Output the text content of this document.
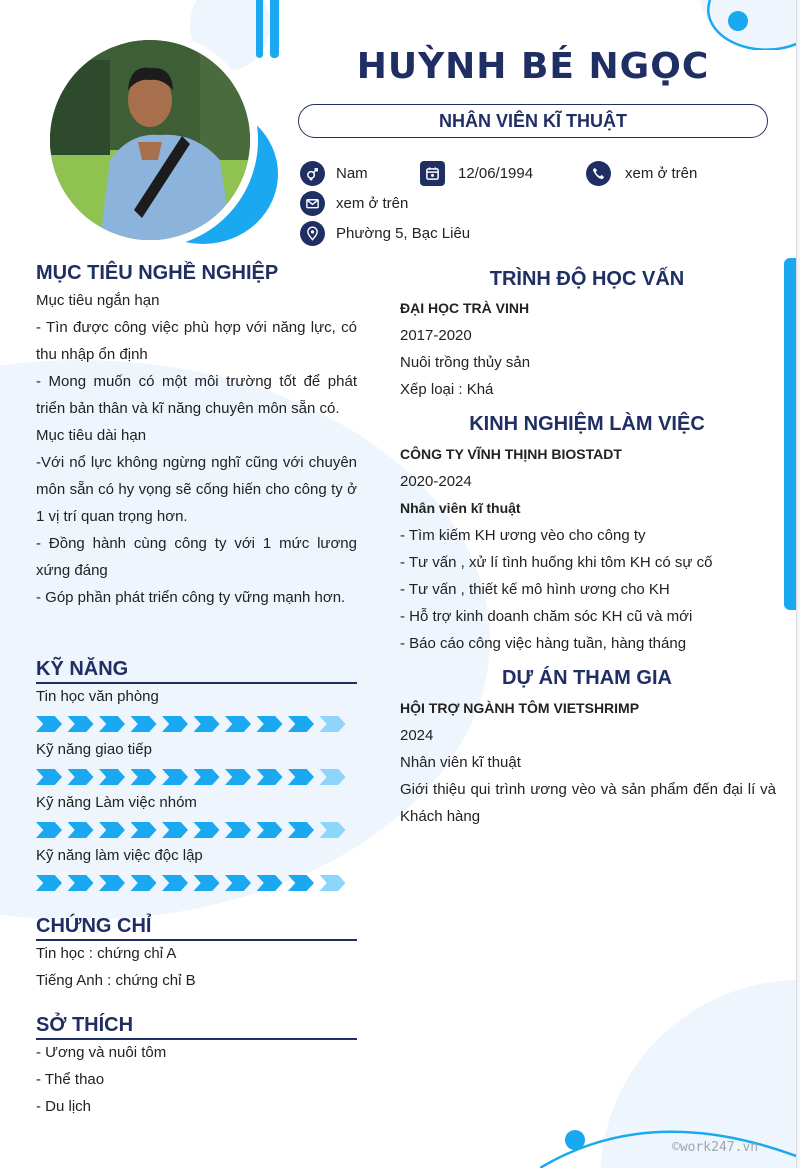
HUỲNH BÉ NGỌC
NHÂN VIÊN KĨ THUẬT
Nam	12/06/1994	xem ở trên
xem ở trên
Phường 5, Bạc Liêu
MỤC TIÊU NGHỀ NGHIỆP
Mục tiêu ngắn hạn
- Tìn được công việc phù hợp với năng lực, có thu nhập ổn định
- Mong muốn có một môi trường tốt để phát triển bản thân và kĩ năng chuyên môn sẵn có.
Mục tiêu dài hạn
-Với nổ lực không ngừng nghĩ cũng với chuyên môn sẵn có hy vọng sẽ cống hiến cho công ty ở 1 vị trí quan trọng hơn.
- Đồng hành cùng công ty với 1 mức lương xứng đáng
- Góp phần phát triển công ty vững mạnh hơn.
KỸ NĂNG
Tin học văn phòng
Kỹ năng giao tiếp
Kỹ năng Làm việc nhóm
Kỹ năng làm việc độc lập
CHỨNG CHỈ
Tin học : chứng chỉ A
Tiếng Anh : chứng chỉ B
SỞ THÍCH
- Ương và nuôi tôm
- Thể thao
- Du lịch
TRÌNH ĐỘ HỌC VẤN
ĐẠI HỌC TRÀ VINH
2017-2020
Nuôi trồng thủy sản
Xếp loại : Khá
KINH NGHIỆM LÀM VIỆC
CÔNG TY VĨNH THỊNH BIOSTADT
2020-2024
Nhân viên kĩ thuật
- Tìm kiếm KH ương vèo cho công ty
- Tư vấn , xử lí tình huống khi tôm KH có sự cố
- Tư vấn , thiết kế mô hình ương cho KH
- Hỗ trợ kinh doanh chăm sóc KH cũ và mới
- Báo cáo công việc hàng tuần, hàng tháng
DỰ ÁN THAM GIA
HỘI TRỢ NGÀNH TÔM VIETSHRIMP
2024
Nhân viên kĩ thuật
Giới thiệu qui trình ương vèo và sản phẩm đến đại lí và Khách hàng
©work247.vn
